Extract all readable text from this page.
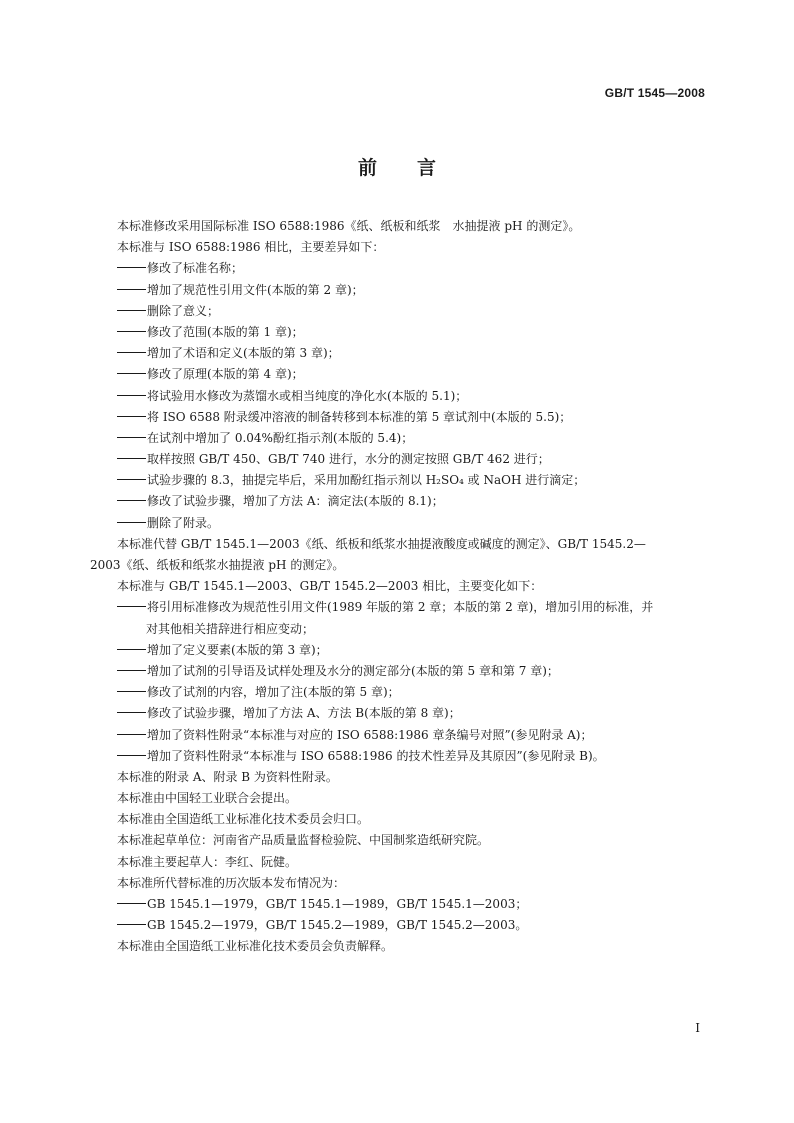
GB/T 1545—2008
前言
本标准修改采用国际标准 ISO 6588:1986《纸、纸板和纸浆　水抽提液 pH 的测定》。
本标准与 ISO 6588:1986 相比，主要差异如下：
修改了标准名称；
增加了规范性引用文件(本版的第 2 章)；
删除了意义；
修改了范围(本版的第 1 章)；
增加了术语和定义(本版的第 3 章)；
修改了原理(本版的第 4 章)；
将试验用水修改为蒸馏水或相当纯度的净化水(本版的 5.1)；
将 ISO 6588 附录缓冲溶液的制备转移到本标准的第 5 章试剂中(本版的 5.5)；
在试剂中增加了 0.04%酚红指示剂(本版的 5.4)；
取样按照 GB/T 450、GB/T 740 进行，水分的测定按照 GB/T 462 进行；
试验步骤的 8.3，抽提完毕后，采用加酚红指示剂以 H₂SO₄ 或 NaOH 进行滴定；
修改了试验步骤，增加了方法 A：滴定法(本版的 8.1)；
删除了附录。
本标准代替 GB/T 1545.1—2003《纸、纸板和纸浆水抽提液酸度或碱度的测定》、GB/T 1545.2—
2003《纸、纸板和纸浆水抽提液 pH 的测定》。
本标准与 GB/T 1545.1—2003、GB/T 1545.2—2003 相比，主要变化如下：
将引用标准修改为规范性引用文件(1989 年版的第 2 章；本版的第 2 章)，增加引用的标准，并
对其他相关措辞进行相应变动；
增加了定义要素(本版的第 3 章)；
增加了试剂的引导语及试样处理及水分的测定部分(本版的第 5 章和第 7 章)；
修改了试剂的内容，增加了注(本版的第 5 章)；
修改了试验步骤，增加了方法 A、方法 B(本版的第 8 章)；
增加了资料性附录“本标准与对应的 ISO 6588:1986 章条编号对照”(参见附录 A)；
增加了资料性附录“本标准与 ISO 6588:1986 的技术性差异及其原因”(参见附录 B)。
本标准的附录 A、附录 B 为资料性附录。
本标准由中国轻工业联合会提出。
本标准由全国造纸工业标准化技术委员会归口。
本标准起草单位：河南省产品质量监督检验院、中国制浆造纸研究院。
本标准主要起草人：李红、阮健。
本标准所代替标准的历次版本发布情况为：
GB 1545.1—1979，GB/T 1545.1—1989，GB/T 1545.1—2003；
GB 1545.2—1979，GB/T 1545.2—1989，GB/T 1545.2—2003。
本标准由全国造纸工业标准化技术委员会负责解释。
I
